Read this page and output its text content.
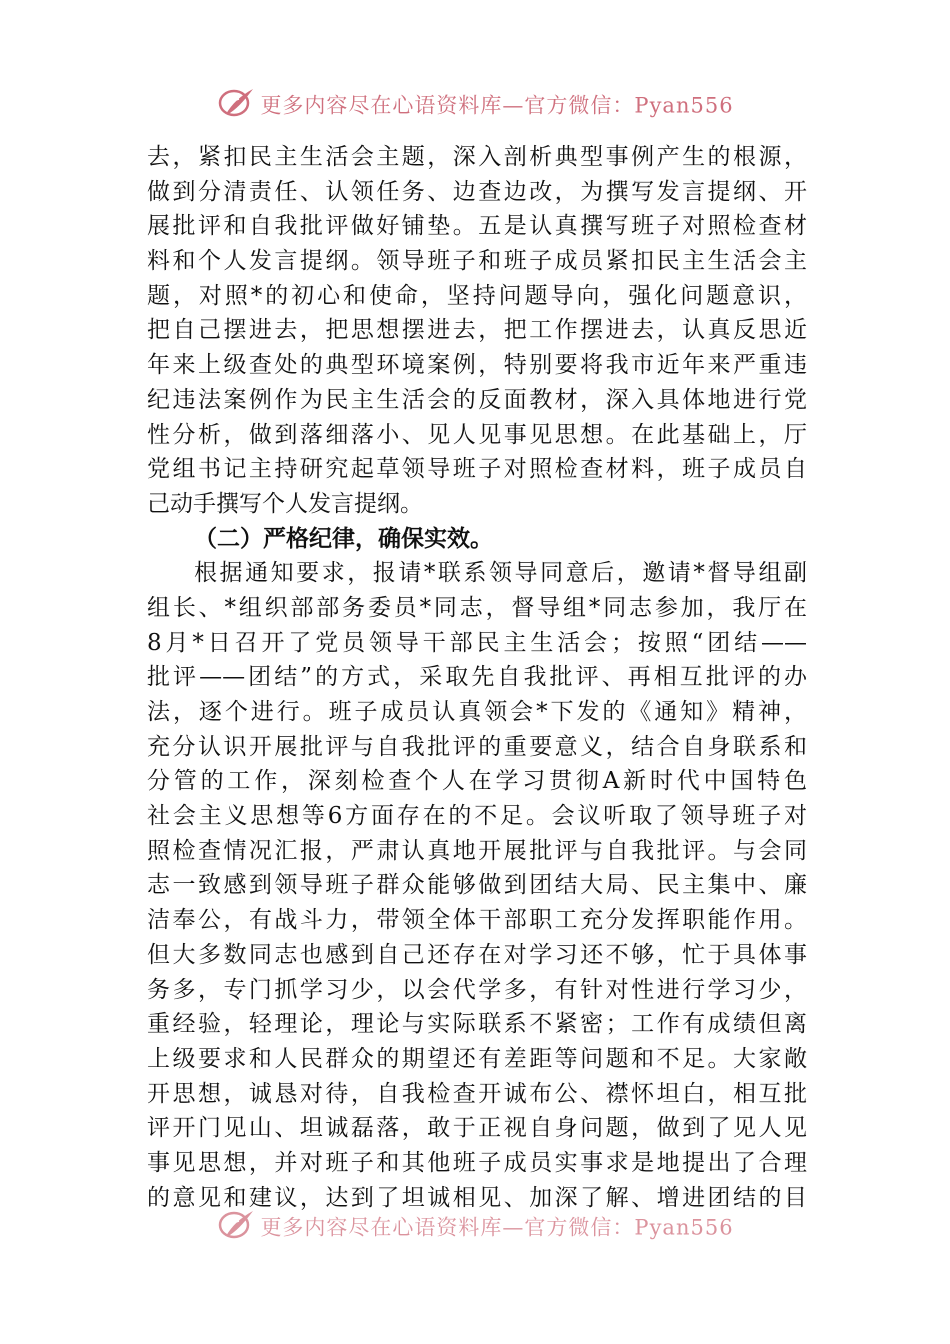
更多内容尽在心语资料库—官方微信：Pyan556
去，紧扣民主生活会主题，深入剖析典型事例产生的根源，
做到分清责任、认领任务、边查边改，为撰写发言提纲、开
展批评和自我批评做好铺垫。五是认真撰写班子对照检查材
料和个人发言提纲。领导班子和班子成员紧扣民主生活会主
题，对照*的初心和使命，坚持问题导向，强化问题意识，
把自己摆进去，把思想摆进去，把工作摆进去，认真反思近
年来上级查处的典型环境案例，特别要将我市近年来严重违
纪违法案例作为民主生活会的反面教材，深入具体地进行党
性分析，做到落细落小、见人见事见思想。在此基础上，厅
党组书记主持研究起草领导班子对照检查材料，班子成员自
己动手撰写个人发言提纲。
（二）严格纪律，确保实效。
根据通知要求，报请*联系领导同意后，邀请*督导组副
组长、*组织部部务委员*同志，督导组*同志参加，我厅在
8月*日召开了党员领导干部民主生活会；按照“团结——
批评——团结”的方式，采取先自我批评、再相互批评的办
法，逐个进行。班子成员认真领会*下发的《通知》精神，
充分认识开展批评与自我批评的重要意义，结合自身联系和
分管的工作，深刻检查个人在学习贯彻A新时代中国特色
社会主义思想等6方面存在的不足。会议听取了领导班子对
照检查情况汇报，严肃认真地开展批评与自我批评。与会同
志一致感到领导班子群众能够做到团结大局、民主集中、廉
洁奉公，有战斗力，带领全体干部职工充分发挥职能作用。
但大多数同志也感到自己还存在对学习还不够，忙于具体事
务多，专门抓学习少，以会代学多，有针对性进行学习少，
重经验，轻理论，理论与实际联系不紧密；工作有成绩但离
上级要求和人民群众的期望还有差距等问题和不足。大家敞
开思想，诚恳对待，自我检查开诚布公、襟怀坦白，相互批
评开门见山、坦诚磊落，敢于正视自身问题，做到了见人见
事见思想，并对班子和其他班子成员实事求是地提出了合理
的意见和建议，达到了坦诚相见、加深了解、增进团结的目
更多内容尽在心语资料库—官方微信：Pyan556
